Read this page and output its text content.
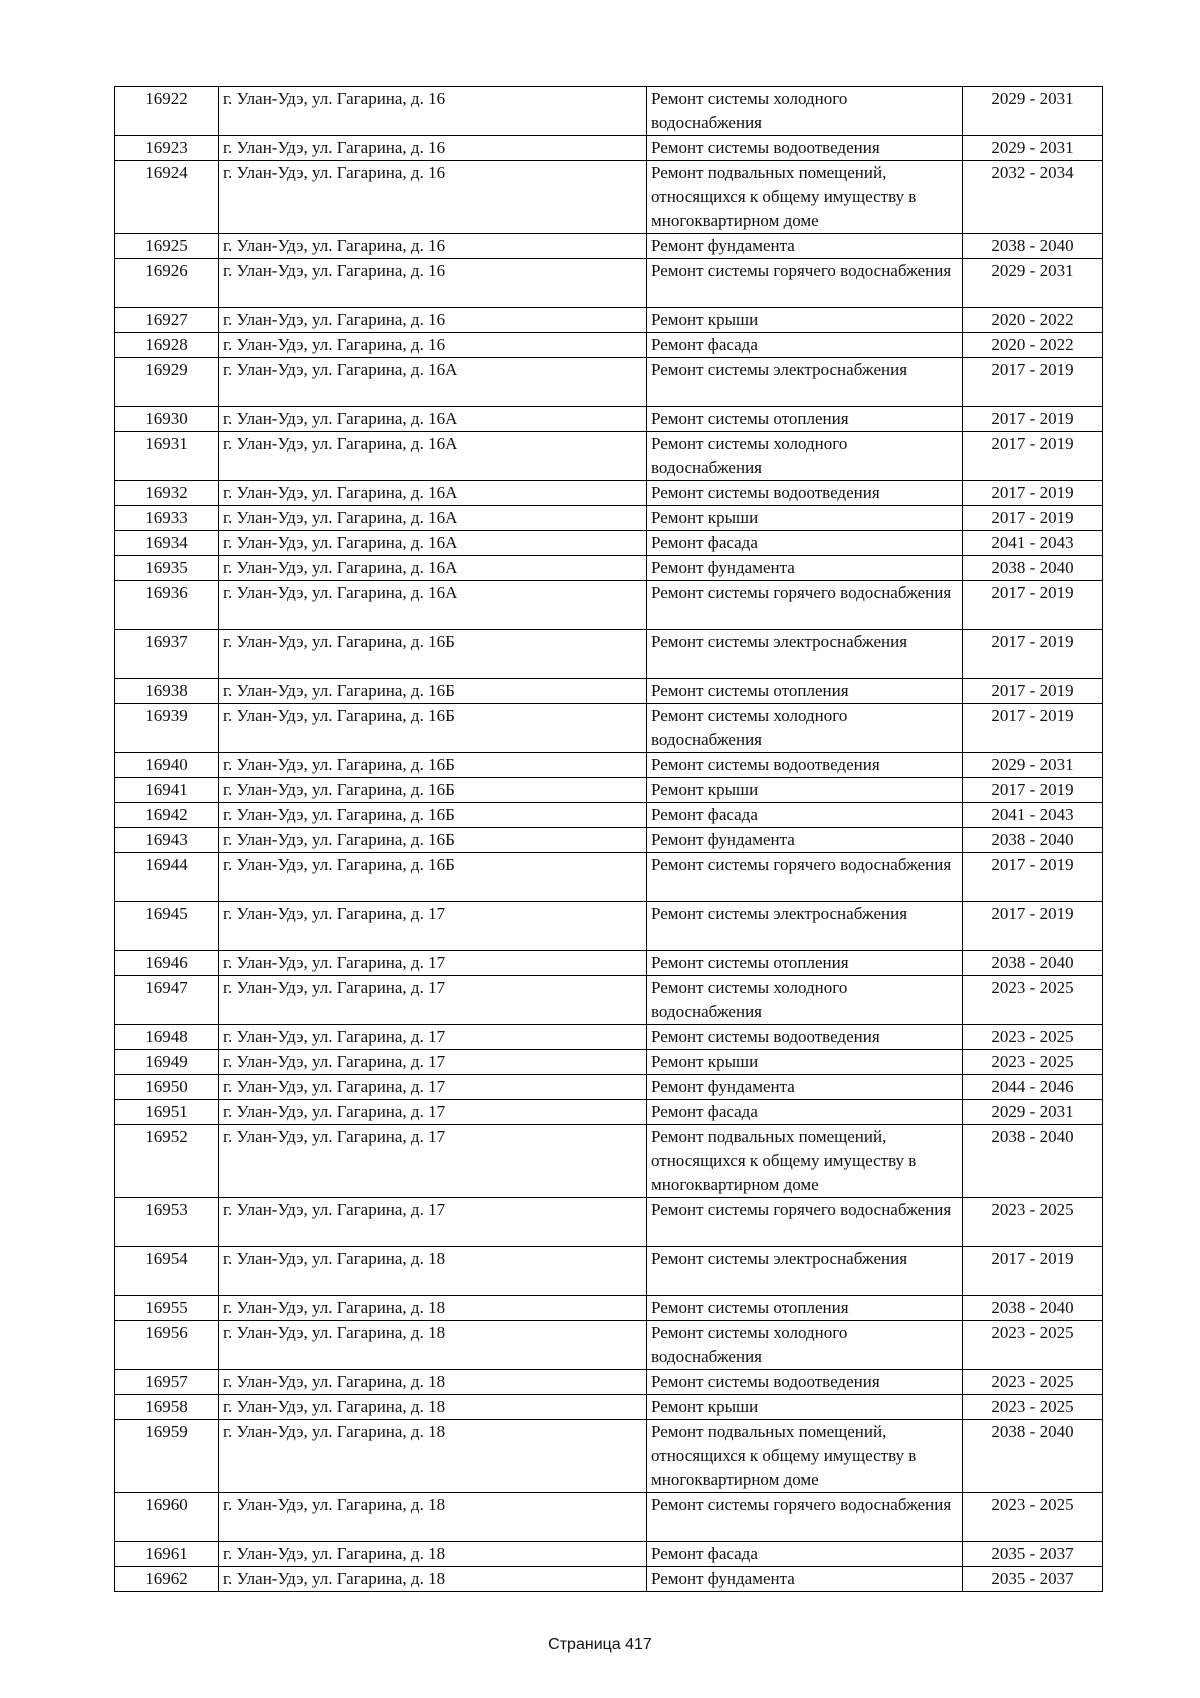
16922	г. Улан-Удэ, ул. Гагарина, д. 16	Ремонт системы холодного водоснабжения	2029 - 2031
16923	г. Улан-Удэ, ул. Гагарина, д. 16	Ремонт системы водоотведения	2029 - 2031
16924	г. Улан-Удэ, ул. Гагарина, д. 16	Ремонт подвальных помещений, относящихся к общему имуществу в многоквартирном доме	2032 - 2034
16925	г. Улан-Удэ, ул. Гагарина, д. 16	Ремонт фундамента	2038 - 2040
16926	г. Улан-Удэ, ул. Гагарина, д. 16	Ремонт системы горячего водоснабжения	2029 - 2031
16927	г. Улан-Удэ, ул. Гагарина, д. 16	Ремонт крыши	2020 - 2022
16928	г. Улан-Удэ, ул. Гагарина, д. 16	Ремонт фасада	2020 - 2022
16929	г. Улан-Удэ, ул. Гагарина, д. 16А	Ремонт системы электроснабжения	2017 - 2019
16930	г. Улан-Удэ, ул. Гагарина, д. 16А	Ремонт системы отопления	2017 - 2019
16931	г. Улан-Удэ, ул. Гагарина, д. 16А	Ремонт системы холодного водоснабжения	2017 - 2019
16932	г. Улан-Удэ, ул. Гагарина, д. 16А	Ремонт системы водоотведения	2017 - 2019
16933	г. Улан-Удэ, ул. Гагарина, д. 16А	Ремонт крыши	2017 - 2019
16934	г. Улан-Удэ, ул. Гагарина, д. 16А	Ремонт фасада	2041 - 2043
16935	г. Улан-Удэ, ул. Гагарина, д. 16А	Ремонт фундамента	2038 - 2040
16936	г. Улан-Удэ, ул. Гагарина, д. 16А	Ремонт системы горячего водоснабжения	2017 - 2019
16937	г. Улан-Удэ, ул. Гагарина, д. 16Б	Ремонт системы электроснабжения	2017 - 2019
16938	г. Улан-Удэ, ул. Гагарина, д. 16Б	Ремонт системы отопления	2017 - 2019
16939	г. Улан-Удэ, ул. Гагарина, д. 16Б	Ремонт системы холодного водоснабжения	2017 - 2019
16940	г. Улан-Удэ, ул. Гагарина, д. 16Б	Ремонт системы водоотведения	2029 - 2031
16941	г. Улан-Удэ, ул. Гагарина, д. 16Б	Ремонт крыши	2017 - 2019
16942	г. Улан-Удэ, ул. Гагарина, д. 16Б	Ремонт фасада	2041 - 2043
16943	г. Улан-Удэ, ул. Гагарина, д. 16Б	Ремонт фундамента	2038 - 2040
16944	г. Улан-Удэ, ул. Гагарина, д. 16Б	Ремонт системы горячего водоснабжения	2017 - 2019
16945	г. Улан-Удэ, ул. Гагарина, д. 17	Ремонт системы электроснабжения	2017 - 2019
16946	г. Улан-Удэ, ул. Гагарина, д. 17	Ремонт системы отопления	2038 - 2040
16947	г. Улан-Удэ, ул. Гагарина, д. 17	Ремонт системы холодного водоснабжения	2023 - 2025
16948	г. Улан-Удэ, ул. Гагарина, д. 17	Ремонт системы водоотведения	2023 - 2025
16949	г. Улан-Удэ, ул. Гагарина, д. 17	Ремонт крыши	2023 - 2025
16950	г. Улан-Удэ, ул. Гагарина, д. 17	Ремонт фундамента	2044 - 2046
16951	г. Улан-Удэ, ул. Гагарина, д. 17	Ремонт фасада	2029 - 2031
16952	г. Улан-Удэ, ул. Гагарина, д. 17	Ремонт подвальных помещений, относящихся к общему имуществу в многоквартирном доме	2038 - 2040
16953	г. Улан-Удэ, ул. Гагарина, д. 17	Ремонт системы горячего водоснабжения	2023 - 2025
16954	г. Улан-Удэ, ул. Гагарина, д. 18	Ремонт системы электроснабжения	2017 - 2019
16955	г. Улан-Удэ, ул. Гагарина, д. 18	Ремонт системы отопления	2038 - 2040
16956	г. Улан-Удэ, ул. Гагарина, д. 18	Ремонт системы холодного водоснабжения	2023 - 2025
16957	г. Улан-Удэ, ул. Гагарина, д. 18	Ремонт системы водоотведения	2023 - 2025
16958	г. Улан-Удэ, ул. Гагарина, д. 18	Ремонт крыши	2023 - 2025
16959	г. Улан-Удэ, ул. Гагарина, д. 18	Ремонт подвальных помещений, относящихся к общему имуществу в многоквартирном доме	2038 - 2040
16960	г. Улан-Удэ, ул. Гагарина, д. 18	Ремонт системы горячего водоснабжения	2023 - 2025
16961	г. Улан-Удэ, ул. Гагарина, д. 18	Ремонт фасада	2035 - 2037
16962	г. Улан-Удэ, ул. Гагарина, д. 18	Ремонт фундамента	2035 - 2037
Страница 417
